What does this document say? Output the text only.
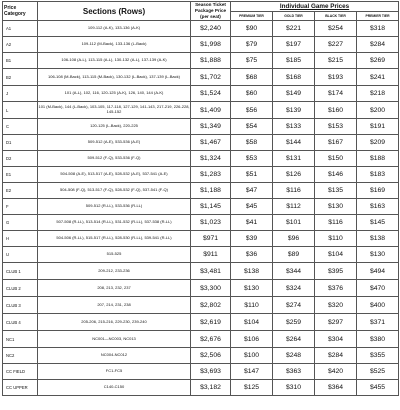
Price Category	Sections (Rows)	Season Ticket Package Price (per seat)	Individual Game Prices			
			PREMIUM TIER	GOLD TIER	BLACK TIER	PREMIER TIER
A1	109-112 (A-K), 133-136 (A-K)	$2,240	$90	$221	$254	$318
A2	109-112 (M-Back), 133-136 (L-Back)	$1,998	$79	$197	$227	$284
B1	106-108 (A-L), 113-115 (A-L), 130-132 (A-L), 137-139 (A-K)	$1,888	$75	$185	$215	$269
B2	106-108 (M-Back), 113-115 (M-Back), 130-132 (L-Back), 137-139 (L-Back)	$1,702	$68	$168	$193	$241
J	101 (A-L), 102, 116, 120-125 (A-K), 126, 140, 144 (A-K)	$1,524	$60	$149	$174	$218
L	101 (M-Back), 144 (L-Back), 103-105, 117-118, 127-129, 141-143, 217-219, 226-228, 145-152	$1,409	$56	$139	$160	$200
C	120-125 (L-Back), 220-225	$1,349	$54	$133	$153	$191
D1	509-512 (A-E), 533-536 (A-E)	$1,467	$58	$144	$167	$209
D2	509-512 (F-Q), 533-536 (F-Q)	$1,324	$53	$131	$150	$188
E1	504-508 (A-E), 513-517 (A-E), 528-532 (A-E), 537-541 (A-E)	$1,283	$51	$126	$146	$183
E2	504-508 (F-Q), 513-517 (F-Q), 528-532 (F-Q), 537-541 (F-Q)	$1,188	$47	$116	$135	$169
F	509-512 (R-LL), 533-536 (R-LL)	$1,145	$45	$112	$130	$163
G	507-508 (R-LL), 513-514 (R-LL), 531-532 (R-LL), 537-538 (R-LL)	$1,023	$41	$101	$116	$145
H	504-506 (R-LL), 515-517 (R-LL), 528-530 (R-LL), 539-541 (R-LL)	$971	$39	$96	$110	$138
U	515-525	$911	$36	$89	$104	$130
CLUB 1	209-212, 233-236	$3,481	$138	$344	$395	$494
CLUB 2	208, 213, 232, 237	$3,300	$130	$324	$376	$470
CLUB 3	207, 214, 231, 238	$2,802	$110	$274	$320	$400
CLUB 4	205-206, 215-216, 229-230, 239-240	$2,619	$104	$259	$297	$371
NC1	NC001—NC003, NC013	$2,676	$106	$264	$304	$380
NC2	NC004-NC012	$2,506	$100	$248	$284	$355
CC FIELD	FC1-FC5	$3,693	$147	$363	$420	$525
CC UPPER	C140-C150	$3,182	$125	$310	$364	$455
